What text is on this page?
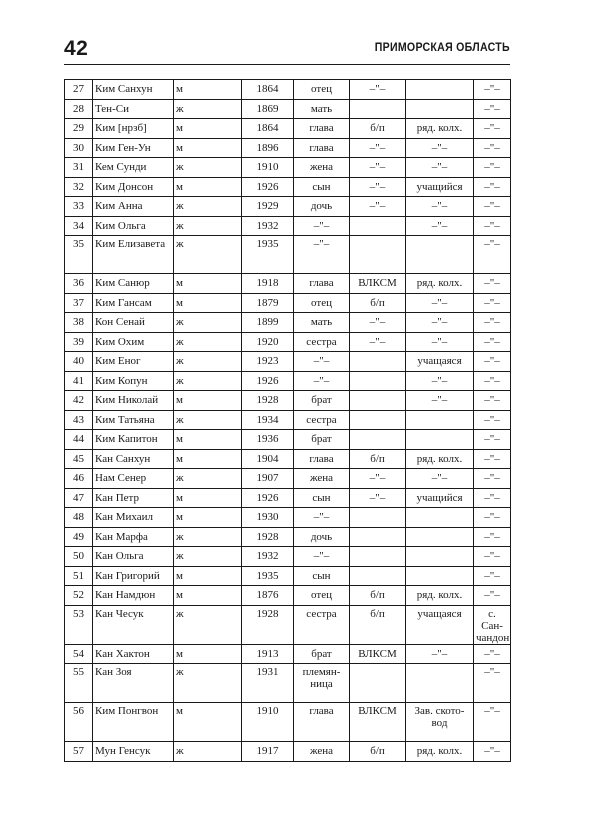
42	ПРИМОРСКАЯ ОБЛАСТЬ
27	Ким Санхун	м	1864	отец	–"–		–"–
28	Тен-Си	ж	1869	мать			–"–
29	Ким [нрзб]	м	1864	глава	б/п	ряд. колх.	–"–
30	Ким Ген-Ун	м	1896	глава	–"–	–"–	–"–
31	Кем Сунди	ж	1910	жена	–"–	–"–	–"–
32	Ким Донсон	м	1926	сын	–"–	учащийся	–"–
33	Ким Анна	ж	1929	дочь	–"–	–"–	–"–
34	Ким Ольга	ж	1932	–"–		–"–	–"–
35	Ким Елизавета	ж	1935	–"–			–"–
36	Ким Санюр	м	1918	глава	ВЛКСМ	ряд. колх.	–"–
37	Ким Гансам	м	1879	отец	б/п	–"–	–"–
38	Кон Сенай	ж	1899	мать	–"–	–"–	–"–
39	Ким Охим	ж	1920	сестра	–"–	–"–	–"–
40	Ким Еног	ж	1923	–"–		учащаяся	–"–
41	Ким Копун	ж	1926	–"–		–"–	–"–
42	Ким Николай	м	1928	брат		–"–	–"–
43	Ким Татьяна	ж	1934	сестра			–"–
44	Ким Капитон	м	1936	брат			–"–
45	Кан Санхун	м	1904	глава	б/п	ряд. колх.	–"–
46	Нам Сенер	ж	1907	жена	–"–	–"–	–"–
47	Кан Петр	м	1926	сын	–"–	учащийся	–"–
48	Кан Михаил	м	1930	–"–			–"–
49	Кан Марфа	ж	1928	дочь			–"–
50	Кан Ольга	ж	1932	–"–			–"–
51	Кан Григорий	м	1935	сын			–"–
52	Кан Намдюн	м	1876	отец	б/п	ряд. колх.	–"–
53	Кан Чесук	ж	1928	сестра	б/п	учащаяся	с. Сан-чандон
54	Кан Хактон	м	1913	брат	ВЛКСМ	–"–	–"–
55	Кан Зоя	ж	1931	племян-ница			–"–
56	Ким Понгвон	м	1910	глава	ВЛКСМ	Зав. ското-вод	–"–
57	Мун Генсук	ж	1917	жена	б/п	ряд. колх.	–"–
